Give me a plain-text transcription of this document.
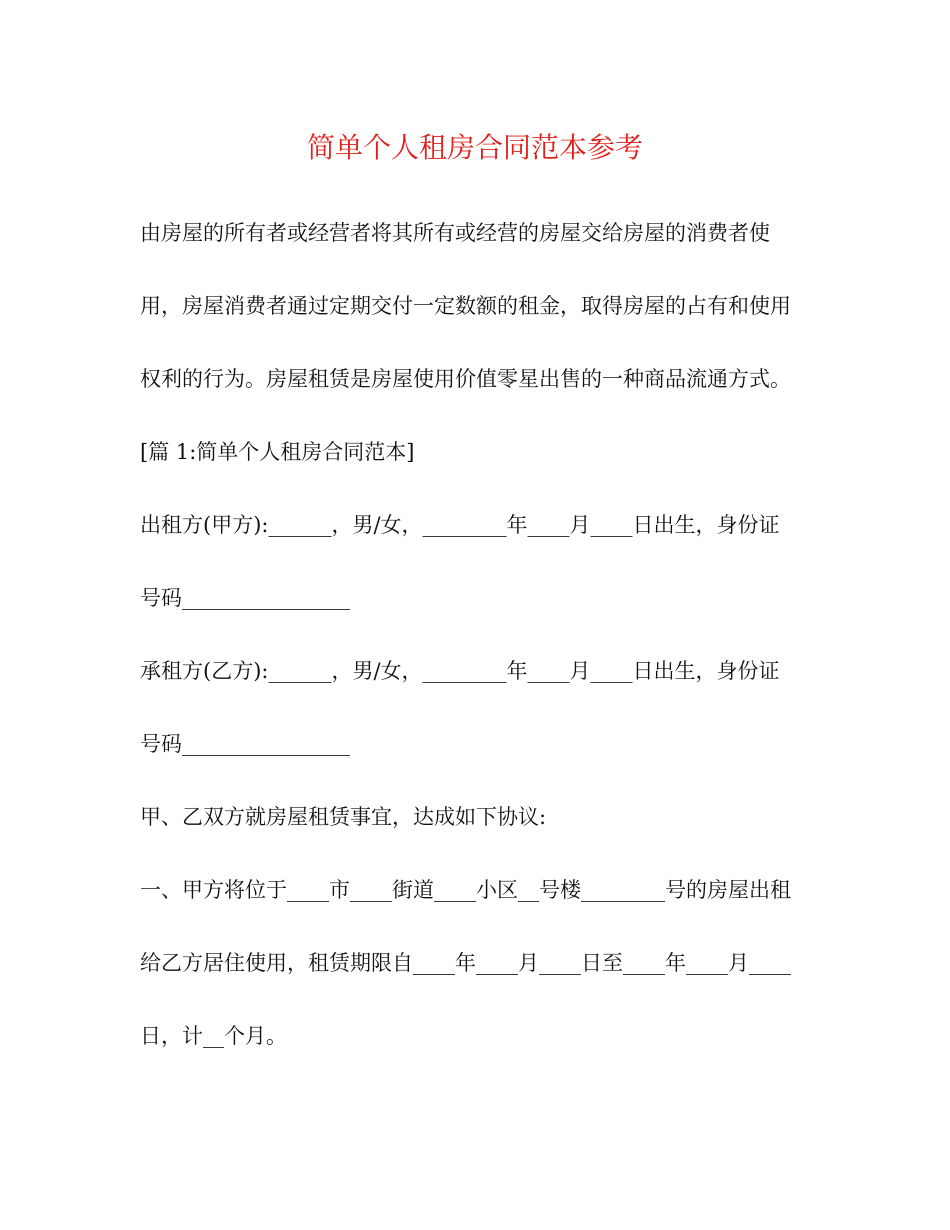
简单个人租房合同范本参考
由房屋的所有者或经营者将其所有或经营的房屋交给房屋的消费者使
用，房屋消费者通过定期交付一定数额的租金，取得房屋的占有和使用
权利的行为。房屋租赁是房屋使用价值零星出售的一种商品流通方式。
[篇 1:简单个人租房合同范本]
出租方(甲方):______，男/女，________年____月____日出生，身份证
号码________________
承租方(乙方):______，男/女，________年____月____日出生，身份证
号码________________
甲、乙双方就房屋租赁事宜，达成如下协议:
一、甲方将位于____市____街道____小区__号楼________号的房屋出租
给乙方居住使用，租赁期限自____年____月____日至____年____月____
日，计__个月。
